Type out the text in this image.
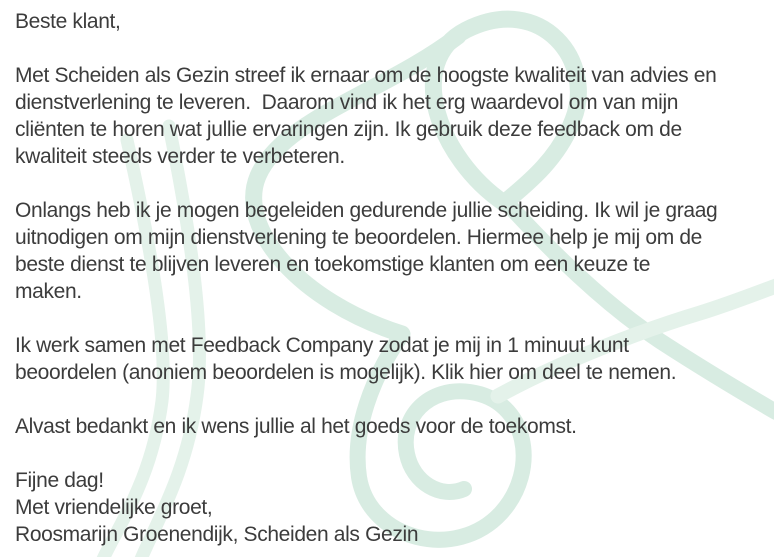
Beste klant,
Met Scheiden als Gezin streef ik ernaar om de hoogste kwaliteit van advies en
dienstverlening te leveren.  Daarom vind ik het erg waardevol om van mijn
cliënten te horen wat jullie ervaringen zijn. Ik gebruik deze feedback om de
kwaliteit steeds verder te verbeteren.
Onlangs heb ik je mogen begeleiden gedurende jullie scheiding. Ik wil je graag
uitnodigen om mijn dienstverlening te beoordelen. Hiermee help je mij om de
beste dienst te blijven leveren en toekomstige klanten om een keuze te
maken.
Ik werk samen met Feedback Company zodat je mij in 1 minuut kunt
beoordelen (anoniem beoordelen is mogelijk). Klik hier om deel te nemen.
Alvast bedankt en ik wens jullie al het goeds voor de toekomst.
Fijne dag!
Met vriendelijke groet,
Roosmarijn Groenendijk, Scheiden als Gezin
